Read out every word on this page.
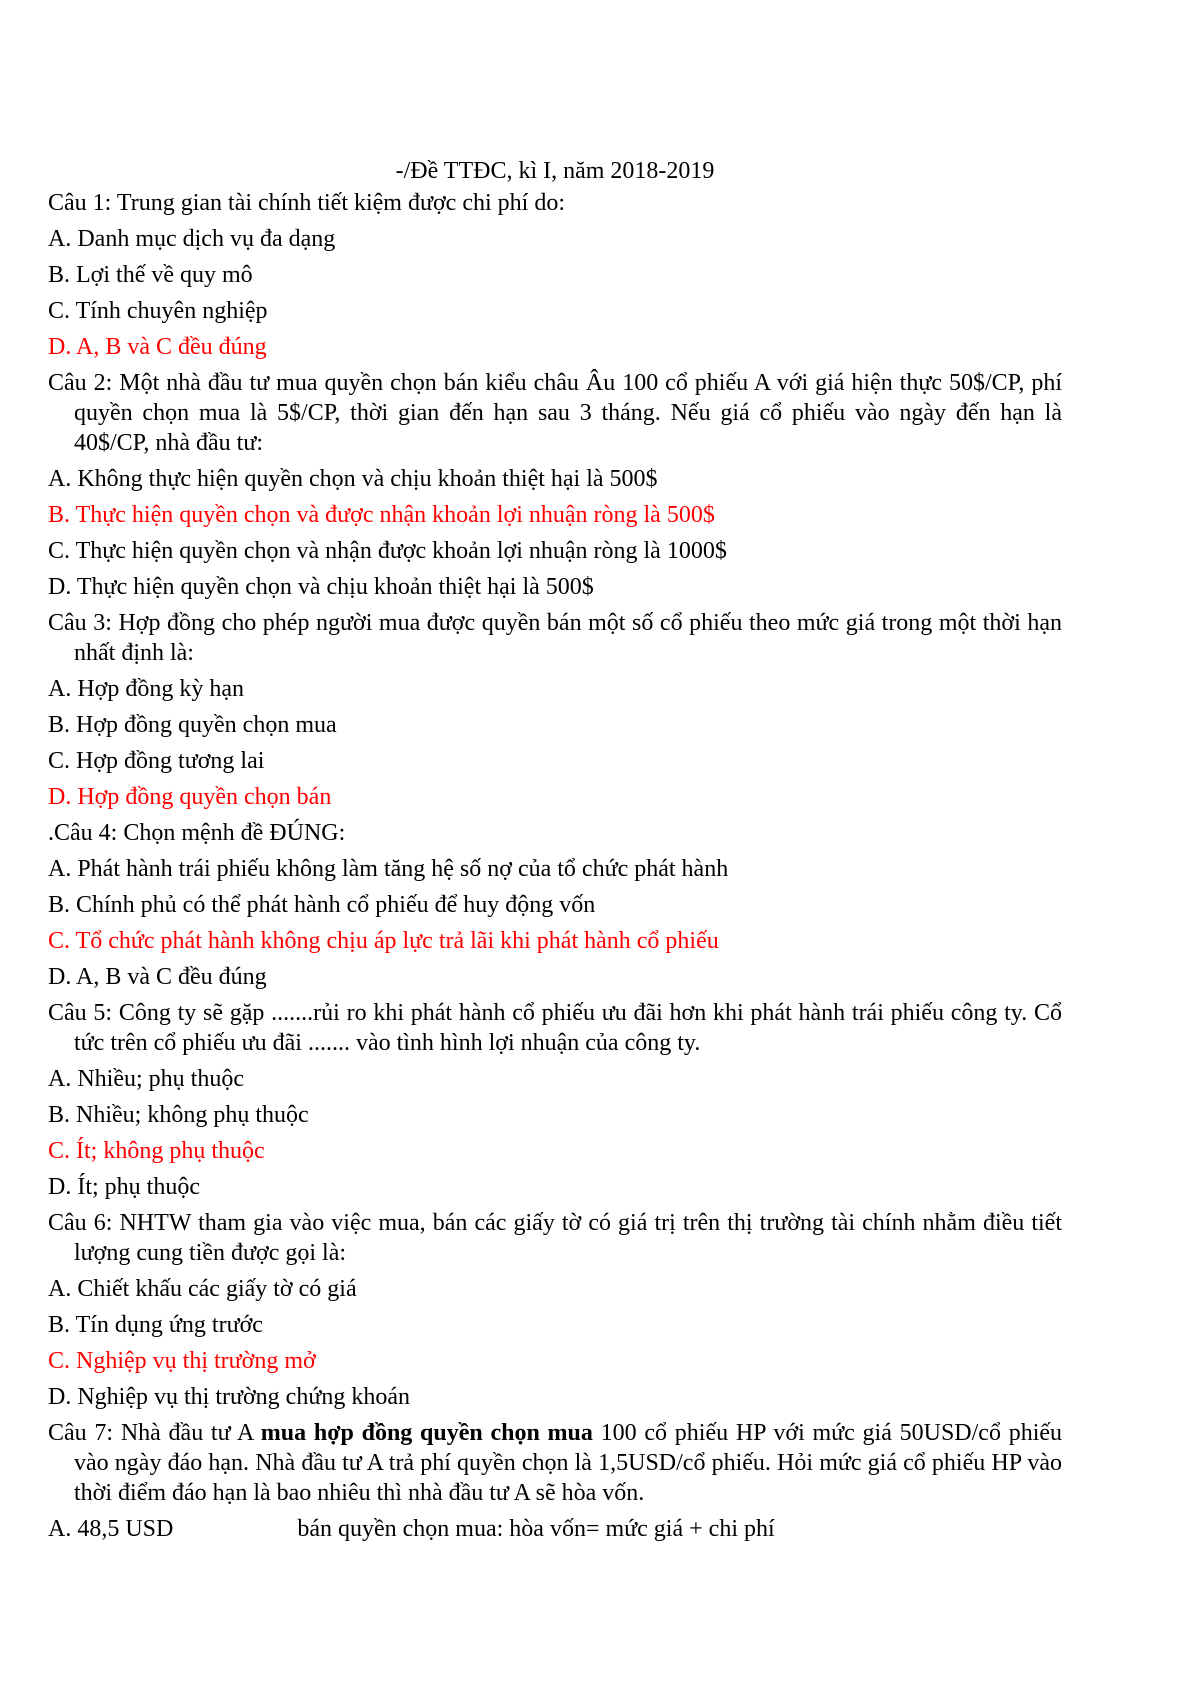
-/Đề TTĐC, kì I, năm 2018-2019
Câu 1: Trung gian tài chính tiết kiệm được chi phí do:
A. Danh mục dịch vụ đa dạng
B. Lợi thế về quy mô
C. Tính chuyên nghiệp
D. A, B và C đều đúng
Câu 2: Một nhà đầu tư mua quyền chọn bán kiểu châu Âu 100 cổ phiếu A với giá hiện thực 50$/CP, phí quyền chọn mua là 5$/CP, thời gian đến hạn sau 3 tháng. Nếu giá cổ phiếu vào ngày đến hạn là 40$/CP, nhà đầu tư:
A. Không thực hiện quyền chọn và chịu khoản thiệt hại là 500$
B. Thực hiện quyền chọn và được nhận khoản lợi nhuận ròng là 500$
C. Thực hiện quyền chọn và nhận được khoản lợi nhuận ròng là 1000$
D. Thực hiện quyền chọn và chịu khoản thiệt hại là 500$
Câu 3: Hợp đồng cho phép người mua được quyền bán một số cổ phiếu theo mức giá trong một thời hạn nhất định là:
A. Hợp đồng kỳ hạn
B. Hợp đồng quyền chọn mua
C. Hợp đồng tương lai
D. Hợp đồng quyền chọn bán
.Câu 4: Chọn mệnh đề ĐÚNG:
A. Phát hành trái phiếu không làm tăng hệ số nợ của tổ chức phát hành
B. Chính phủ có thể phát hành cổ phiếu để huy động vốn
C. Tổ chức phát hành không chịu áp lực trả lãi khi phát hành cổ phiếu
D. A, B và C đều đúng
Câu 5: Công ty sẽ gặp .......rủi ro khi phát hành cổ phiếu ưu đãi hơn khi phát hành trái phiếu công ty. Cổ tức trên cổ phiếu ưu đãi ....... vào tình hình lợi nhuận của công ty.
A. Nhiều; phụ thuộc
B. Nhiều; không phụ thuộc
C. Ít; không phụ thuộc
D. Ít; phụ thuộc
Câu 6: NHTW tham gia vào việc mua, bán các giấy tờ có giá trị trên thị trường tài chính nhằm điều tiết lượng cung tiền được gọi là:
A. Chiết khấu các giấy tờ có giá
B. Tín dụng ứng trước
C. Nghiệp vụ thị trường mở
D. Nghiệp vụ thị trường chứng khoán
Câu 7: Nhà đầu tư A mua hợp đồng quyền chọn mua 100 cổ phiếu HP với mức giá 50USD/cổ phiếu vào ngày đáo hạn. Nhà đầu tư A trả phí quyền chọn là 1,5USD/cổ phiếu. Hỏi mức giá cổ phiếu HP vào thời điểm đáo hạn là bao nhiêu thì nhà đầu tư A sẽ hòa vốn.
A. 48,5 USD	bán quyền chọn mua: hòa vốn= mức giá + chi phí
